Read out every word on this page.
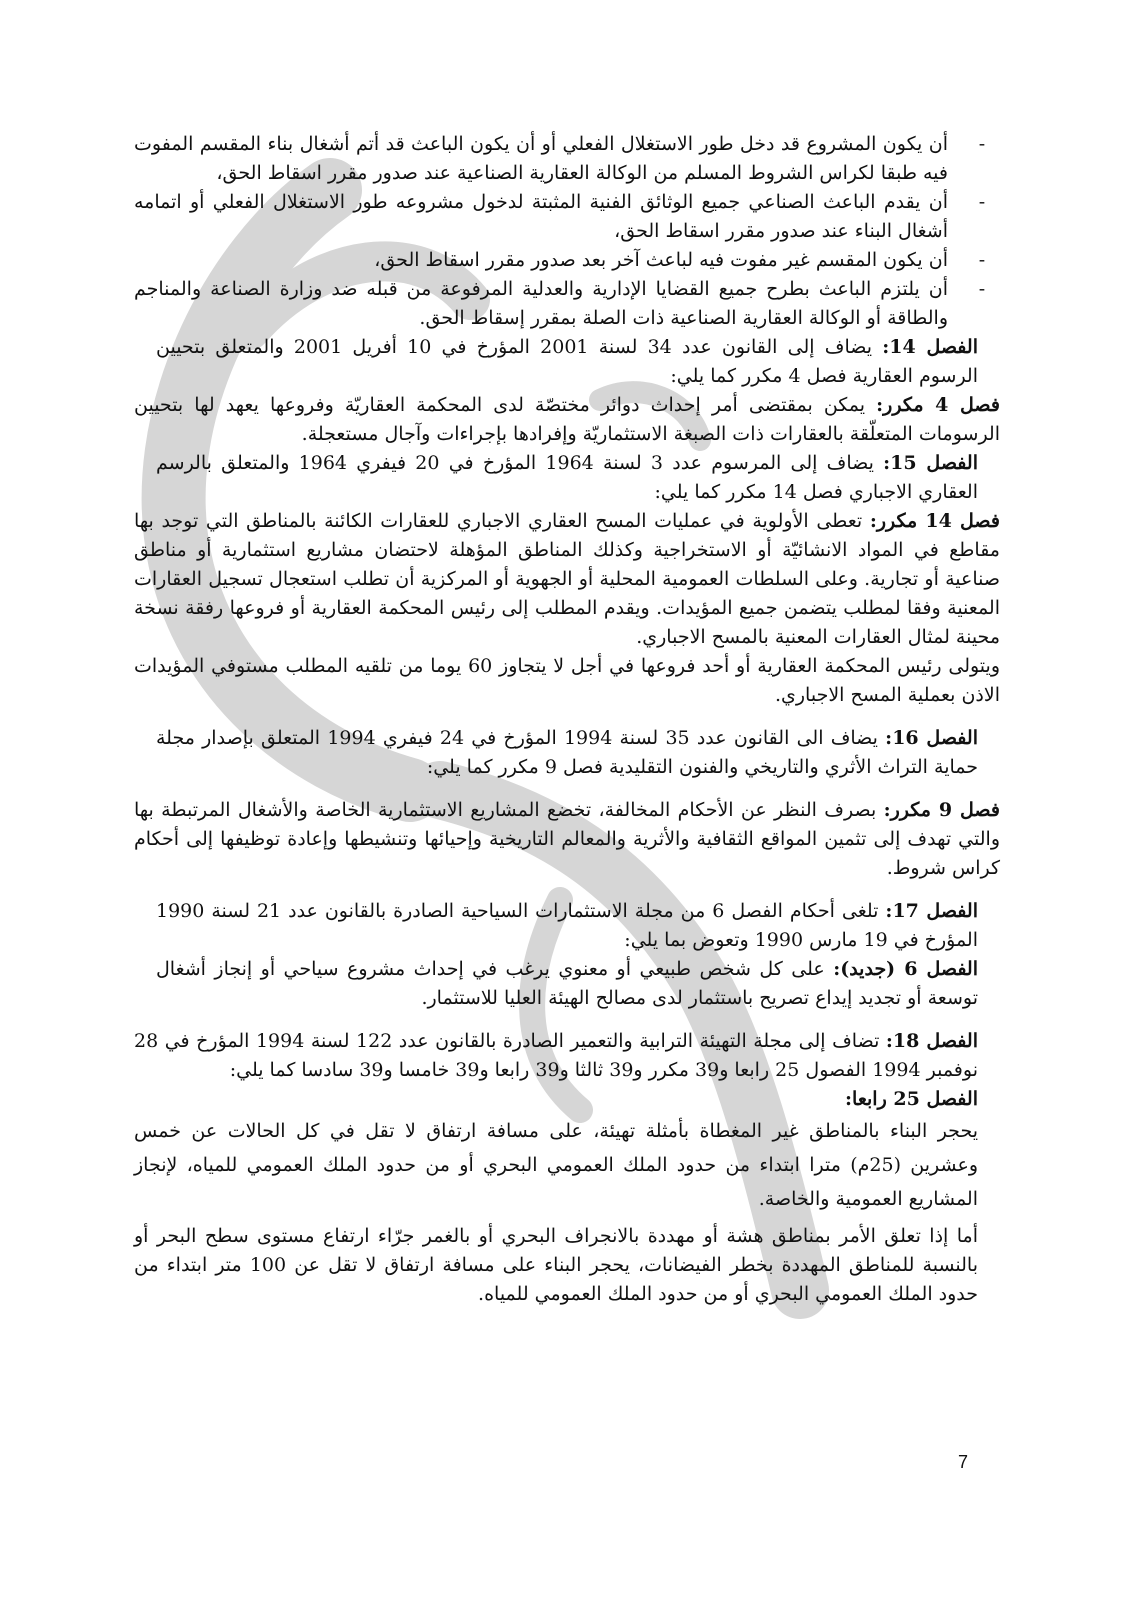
-
أن يكون المشروع قد دخل طور الاستغلال الفعلي أو أن يكون الباعث قد أتم أشغال بناء المقسم المفوت فيه طبقا لكراس الشروط المسلم من الوكالة العقارية الصناعية عند صدور مقرر اسقاط الحق،
-
أن يقدم الباعث الصناعي جميع الوثائق الفنية المثبتة لدخول مشروعه طور الاستغلال الفعلي أو اتمامه أشغال البناء عند صدور مقرر اسقاط الحق،
-
أن يكون المقسم غير مفوت فيه لباعث آخر بعد صدور مقرر اسقاط الحق،
-
أن يلتزم الباعث بطرح جميع القضايا الإدارية والعدلية المرفوعة من قبله ضد وزارة الصناعة والمناجم والطاقة أو الوكالة العقارية الصناعية ذات الصلة بمقرر إسقاط الحق.

الفصل 14: يضاف إلى القانون عدد 34 لسنة 2001 المؤرخ في 10 أفريل 2001 والمتعلق بتحيين الرسوم العقارية فصل 4 مكرر كما يلي:

فصل 4 مكرر: يمكن بمقتضى أمر إحداث دوائر مختصّة لدى المحكمة العقاريّة وفروعها يعهد لها بتحيين الرسومات المتعلّقة بالعقارات ذات الصبغة الاستثماريّة وإفرادها بإجراءات وآجال مستعجلة.

الفصل 15: يضاف إلى المرسوم عدد 3 لسنة 1964 المؤرخ في 20 فيفري 1964 والمتعلق بالرسم العقاري الاجباري فصل 14 مكرر كما يلي:

فصل 14 مكرر: تعطى الأولوية في عمليات المسح العقاري الاجباري للعقارات الكائنة بالمناطق التي توجد بها مقاطع في المواد الانشائيّة أو الاستخراجية وكذلك المناطق المؤهلة لاحتضان مشاريع استثمارية أو مناطق صناعية أو تجارية. وعلى السلطات العمومية المحلية أو الجهوية أو المركزية أن تطلب استعجال تسجيل العقارات المعنية وفقا لمطلب يتضمن جميع المؤيدات. ويقدم المطلب إلى رئيس المحكمة العقارية أو فروعها رفقة نسخة محينة لمثال العقارات المعنية بالمسح الاجباري.

ويتولى رئيس المحكمة العقارية أو أحد فروعها في أجل لا يتجاوز 60 يوما من تلقيه المطلب مستوفي المؤيدات الاذن بعملية المسح الاجباري.

الفصل 16: يضاف الى القانون عدد 35 لسنة 1994 المؤرخ في 24 فيفري 1994 المتعلق بإصدار مجلة حماية التراث الأثري والتاريخي والفنون التقليدية فصل 9 مكرر كما يلي:

فصل 9 مكرر: بصرف النظر عن الأحكام المخالفة، تخضع المشاريع الاستثمارية الخاصة والأشغال المرتبطة بها والتي تهدف إلى تثمين المواقع الثقافية والأثرية والمعالم التاريخية وإحيائها وتنشيطها وإعادة توظيفها إلى أحكام كراس شروط.

الفصل 17: تلغى أحكام الفصل 6 من مجلة الاستثمارات السياحية الصادرة بالقانون عدد 21 لسنة 1990 المؤرخ في 19 مارس 1990 وتعوض بما يلي:

الفصل 6 (جديد): على كل شخص طبيعي أو معنوي يرغب في إحداث مشروع سياحي أو إنجاز أشغال توسعة أو تجديد إيداع تصريح باستثمار لدى مصالح الهيئة العليا للاستثمار.

الفصل 18: تضاف إلى مجلة التهيئة الترابية والتعمير الصادرة بالقانون عدد 122 لسنة 1994 المؤرخ في 28 نوفمبر 1994 الفصول 25 رابعا و39 مكرر و39 ثالثا و39 رابعا و39 خامسا و39 سادسا كما يلي:

الفصل 25 رابعا:

يحجر البناء بالمناطق غير المغطاة بأمثلة تهيئة، على مسافة ارتفاق لا تقل في كل الحالات عن خمس وعشرين (25م) مترا ابتداء من حدود الملك العمومي البحري أو من حدود الملك العمومي للمياه، لإنجاز المشاريع العمومية والخاصة.

أما إذا تعلق الأمر بمناطق هشة أو مهددة بالانجراف البحري أو بالغمر جرّاء ارتفاع مستوى سطح البحر أو بالنسبة للمناطق المهددة بخطر الفيضانات، يحجر البناء على مسافة ارتفاق لا تقل عن 100 متر ابتداء من حدود الملك العمومي البحري أو من حدود الملك العمومي للمياه.

7
